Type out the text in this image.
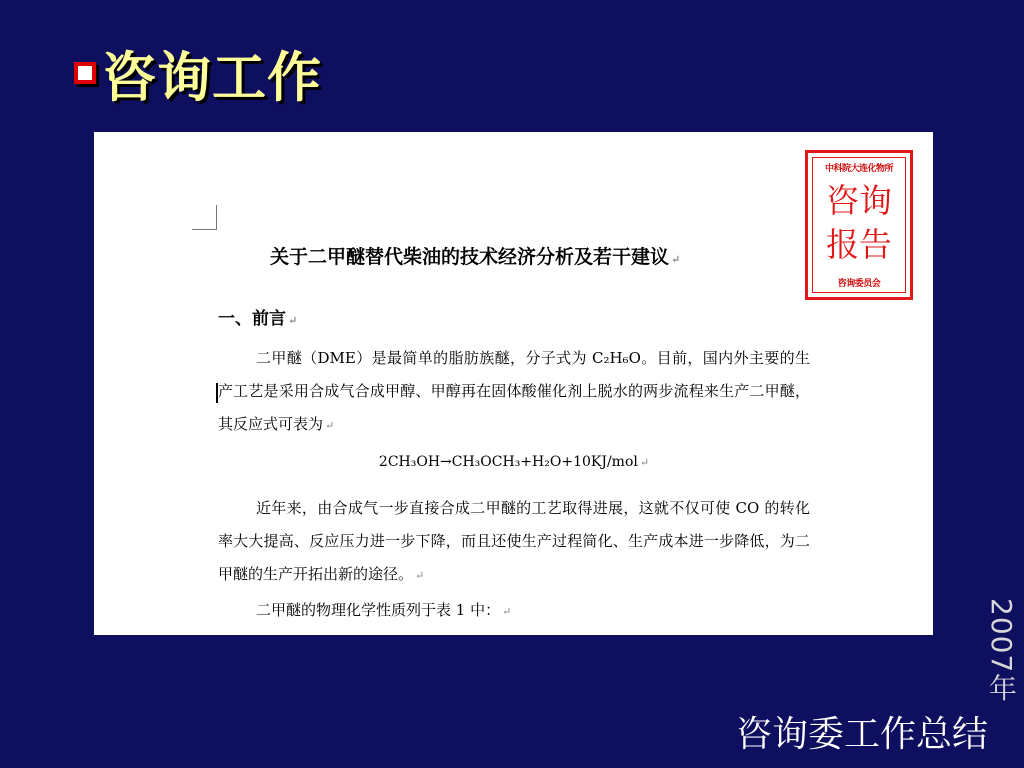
咨询工作
关于二甲醚替代柴油的技术经济分析及若干建议 ↵
一、前言 ↵
二甲醚（DME）是最简单的脂肪族醚，分子式为 C₂H₆O。目前，国内外主要的生产工艺是采用合成气合成甲醇、甲醇再在固体酸催化剂上脱水的两步流程来生产二甲醚，其反应式可表为 ↵
2CH₃OH→CH₃OCH₃+H₂O+10KJ/mol ↵
近年来，由合成气一步直接合成二甲醚的工艺取得进展，这就不仅可使 CO 的转化率大大提高、反应压力进一步下降，而且还使生产过程简化、生产成本进一步降低，为二甲醚的生产开拓出新的途径。 ↵
二甲醚的物理化学性质列于表 1 中： ↵
中科院大连化物所
咨询
报告
咨询委员会
2007年
咨询委工作总结
